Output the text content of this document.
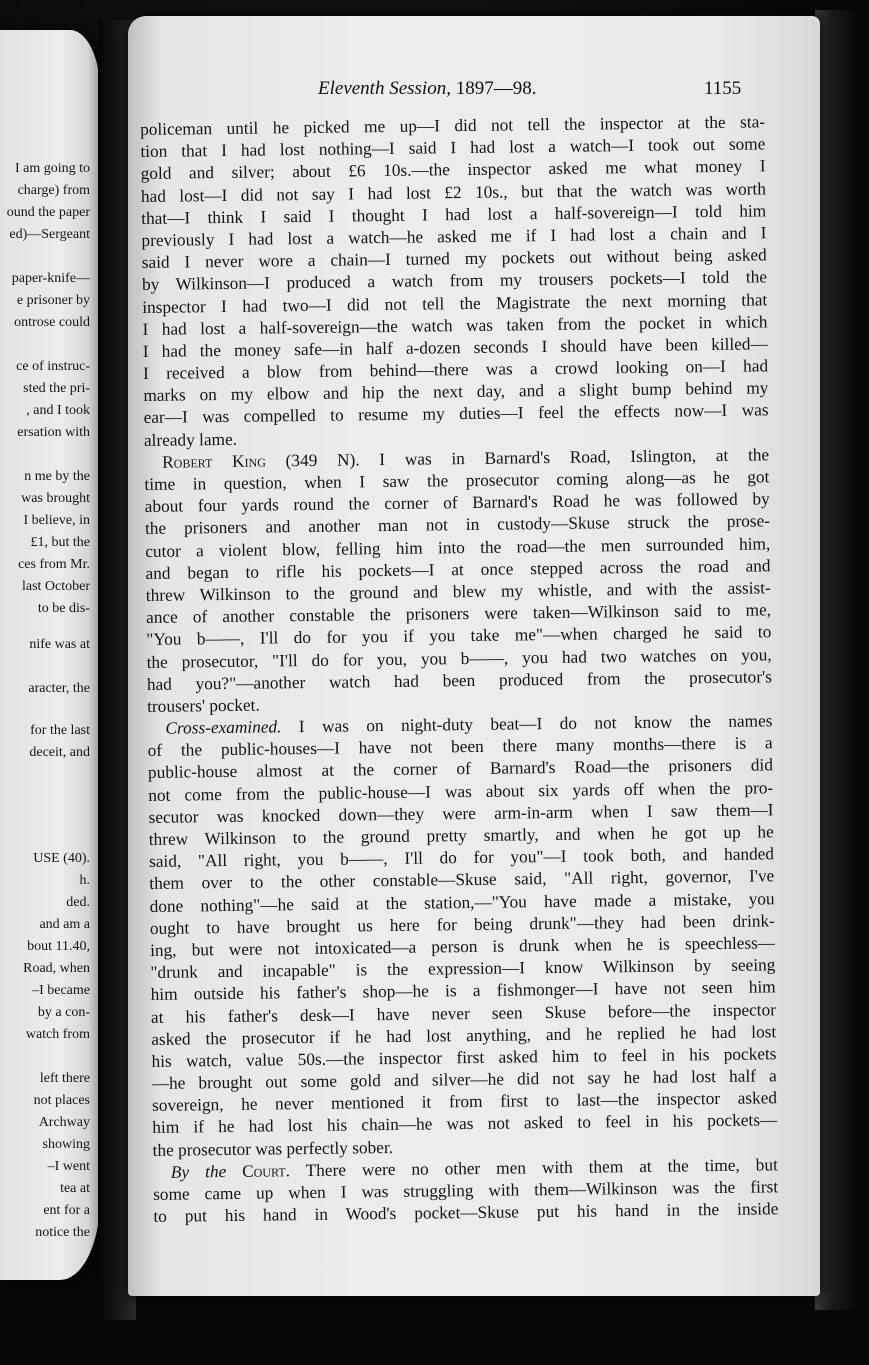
I am going to
charge) from
ound the paper
ed)—Sergeant
paper-knife—
e prisoner by
ontrose could
ce of instruc-
sted the pri-
, and I took
ersation with
n me by the
was brought
I believe, in
£1, but the
ces from Mr.
last October
to be dis-
nife was at
aracter, the
for the last
deceit, and
USE (40).
h.
ded.
and am a
bout 11.40,
Road, when
–I became
by a con-
watch from
left there
not places
Archway
showing
–I went
tea at
ent for a
notice the
Eleventh Session, 1897—98.	1155
policeman until he picked me up—I did not tell the inspector at the sta-
tion that I had lost nothing—I said I had lost a watch—I took out some
gold and silver; about £6 10s.—the inspector asked me what money I
had lost—I did not say I had lost £2 10s., but that the watch was worth
that—I think I said I thought I had lost a half-sovereign—I told him
previously I had lost a watch—he asked me if I had lost a chain and I
said I never wore a chain—I turned my pockets out without being asked
by Wilkinson—I produced a watch from my trousers pockets—I told the
inspector I had two—I did not tell the Magistrate the next morning that
I had lost a half-sovereign—the watch was taken from the pocket in which
I had the money safe—in half a-dozen seconds I should have been killed—
I received a blow from behind—there was a crowd looking on—I had
marks on my elbow and hip the next day, and a slight bump behind my
ear—I was compelled to resume my duties—I feel the effects now—I was
already lame.
Robert King (349 N). I was in Barnard's Road, Islington, at the
time in question, when I saw the prosecutor coming along—as he got
about four yards round the corner of Barnard's Road he was followed by
the prisoners and another man not in custody—Skuse struck the prose-
cutor a violent blow, felling him into the road—the men surrounded him,
and began to rifle his pockets—I at once stepped across the road and
threw Wilkinson to the ground and blew my whistle, and with the assist-
ance of another constable the prisoners were taken—Wilkinson said to me,
"You b——, I'll do for you if you take me"—when charged he said to
the prosecutor, "I'll do for you, you b——, you had two watches on you,
had you?"—another watch had been produced from the prosecutor's
trousers' pocket.
Cross-examined. I was on night-duty beat—I do not know the names
of the public-houses—I have not been there many months—there is a
public-house almost at the corner of Barnard's Road—the prisoners did
not come from the public-house—I was about six yards off when the pro-
secutor was knocked down—they were arm-in-arm when I saw them—I
threw Wilkinson to the ground pretty smartly, and when he got up he
said, "All right, you b——, I'll do for you"—I took both, and handed
them over to the other constable—Skuse said, "All right, governor, I've
done nothing"—he said at the station,—"You have made a mistake, you
ought to have brought us here for being drunk"—they had been drink-
ing, but were not intoxicated—a person is drunk when he is speechless—
"drunk and incapable" is the expression—I know Wilkinson by seeing
him outside his father's shop—he is a fishmonger—I have not seen him
at his father's desk—I have never seen Skuse before—the inspector
asked the prosecutor if he had lost anything, and he replied he had lost
his watch, value 50s.—the inspector first asked him to feel in his pockets
—he brought out some gold and silver—he did not say he had lost half a
sovereign, he never mentioned it from first to last—the inspector asked
him if he had lost his chain—he was not asked to feel in his pockets—
the prosecutor was perfectly sober.
By the Court. There were no other men with them at the time, but
some came up when I was struggling with them—Wilkinson was the first
to put his hand in Wood's pocket—Skuse put his hand in the inside
